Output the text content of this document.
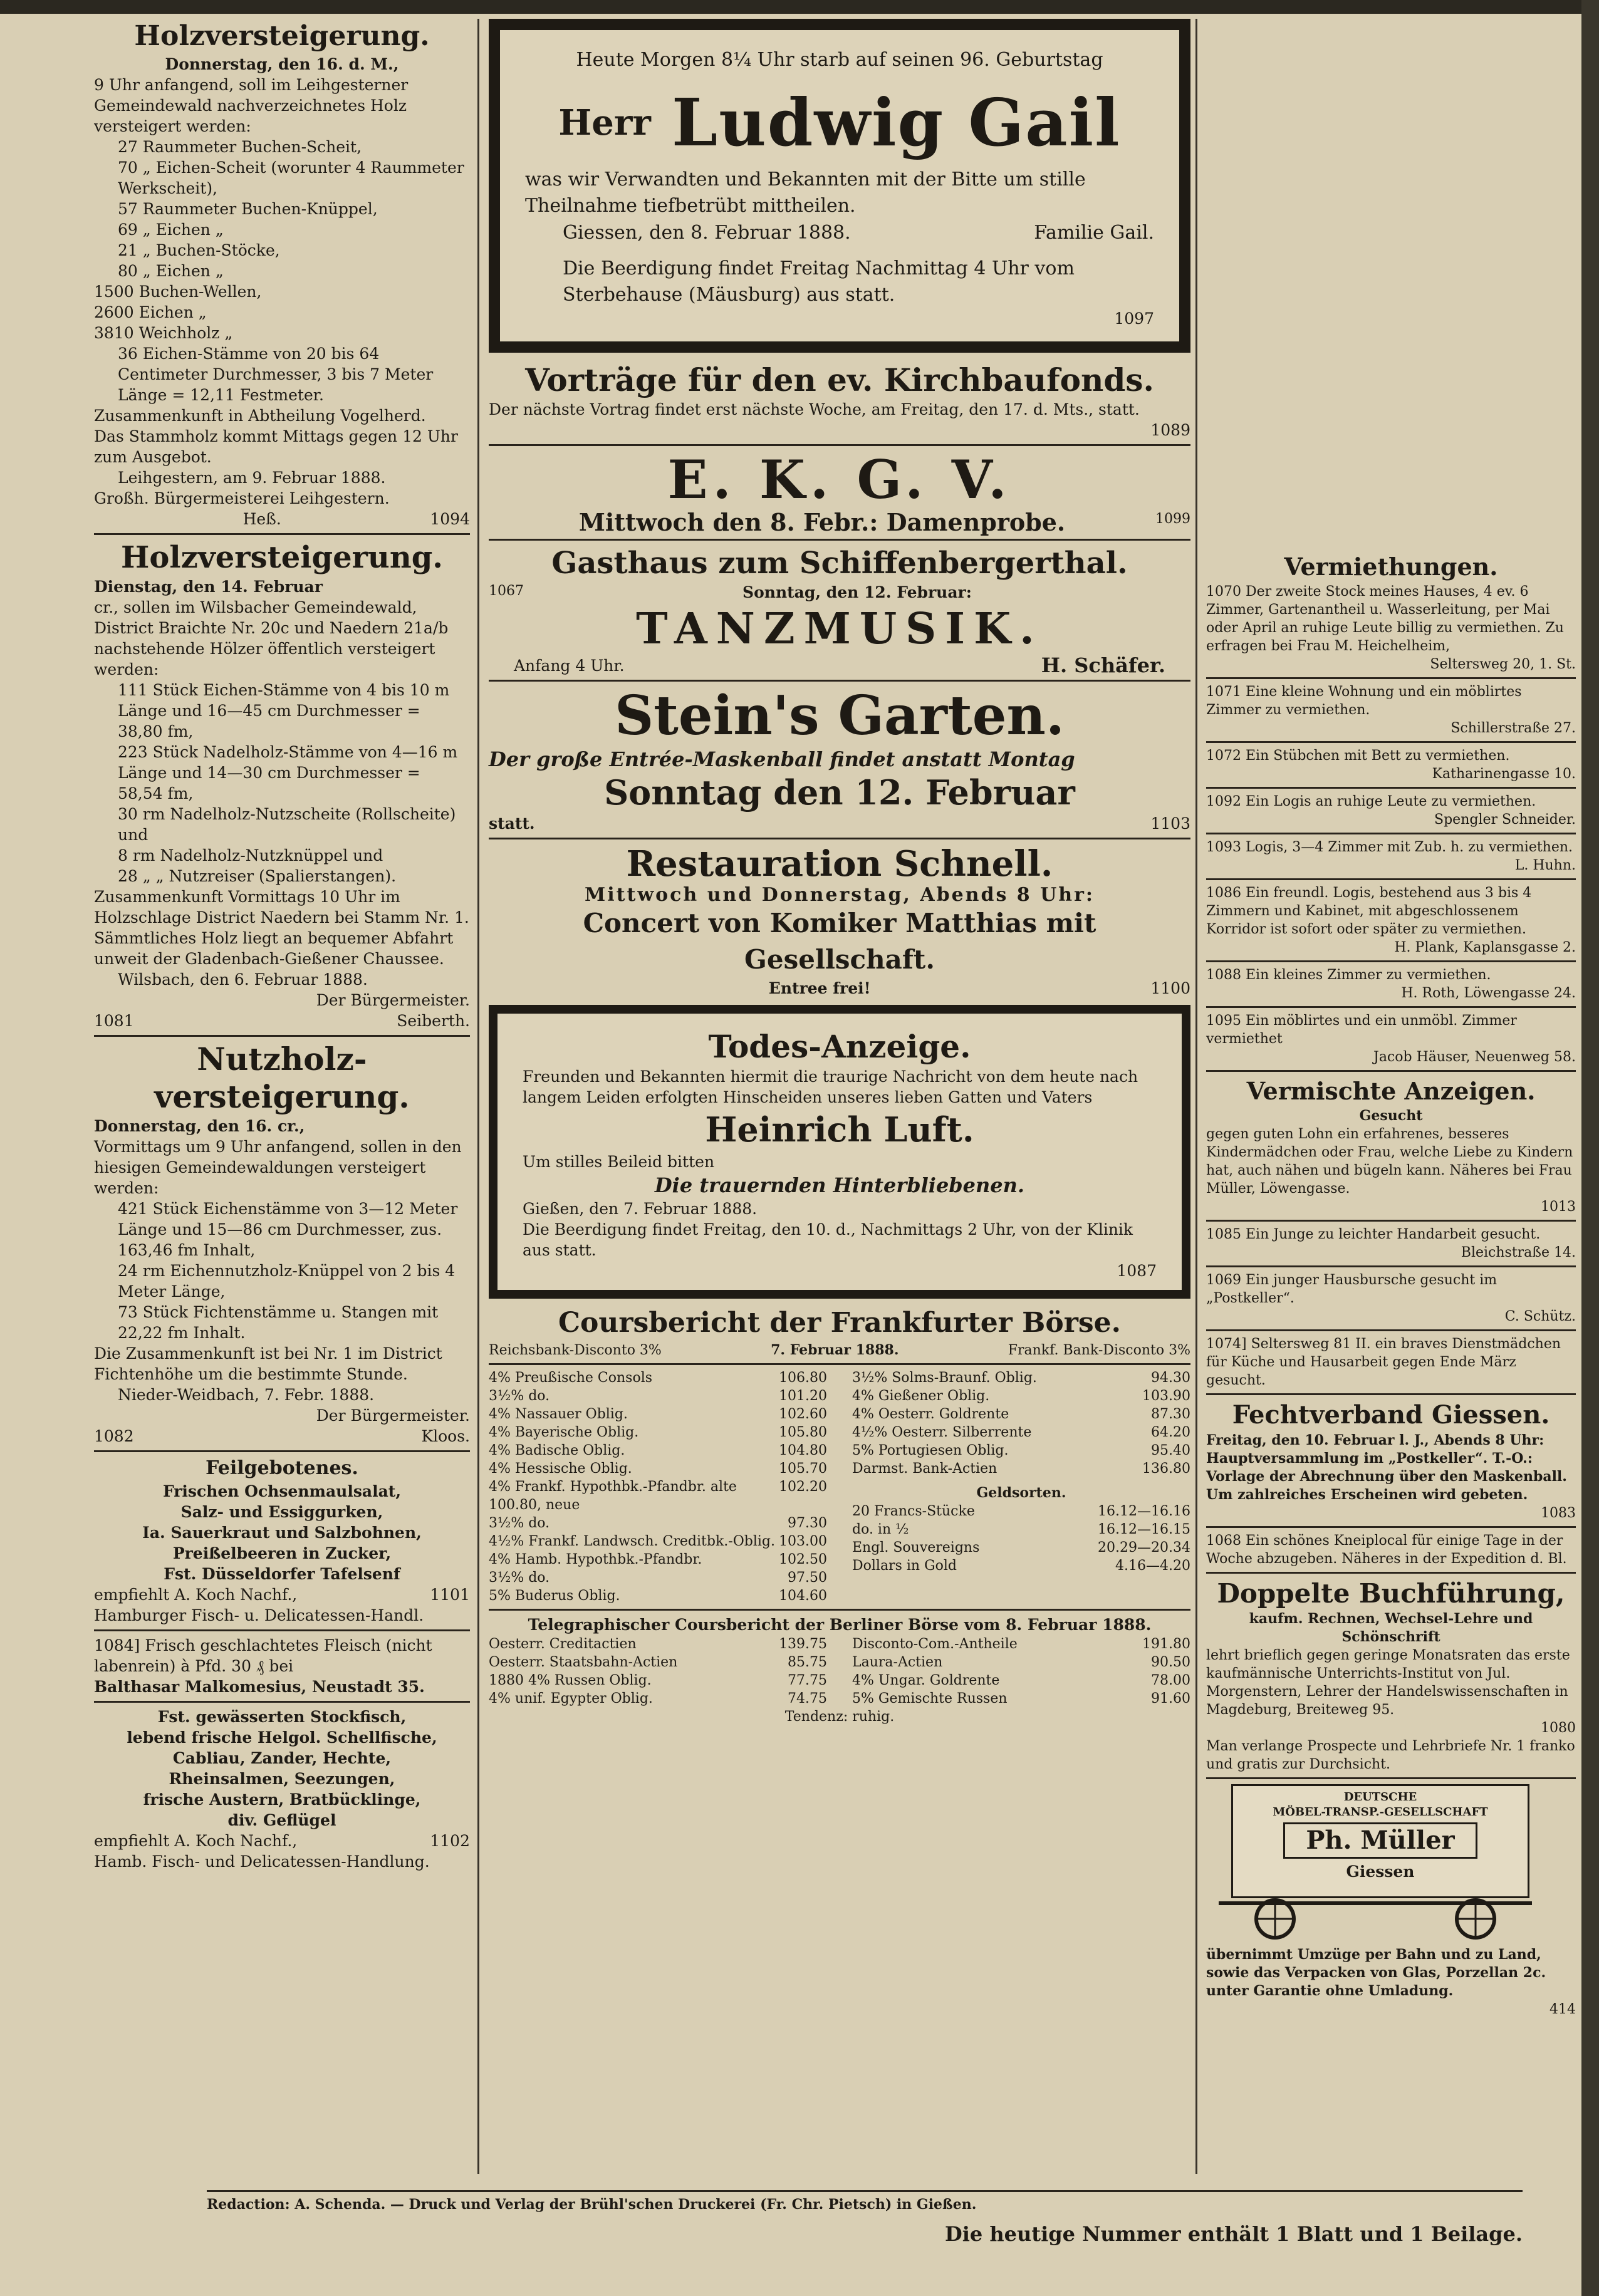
Holzversteigerung.
Donnerstag, den 16. d. M.,
9 Uhr anfangend, soll im Leihgesterner Gemeindewald nachverzeichnetes Holz versteigert werden:
27 Raummeter Buchen-Scheit,
70 „ Eichen-Scheit (worunter 4 Raummeter Werkscheit),
57 Raummeter Buchen-Knüppel,
69 „ Eichen „
21 „ Buchen-Stöcke,
80 „ Eichen „
1500 Buchen-Wellen,
2600 Eichen „
3810 Weichholz „
36 Eichen-Stämme von 20 bis 64 Centimeter Durchmesser, 3 bis 7 Meter Länge = 12,11 Festmeter.
Zusammenkunft in Abtheilung Vogelherd.
Das Stammholz kommt Mittags gegen 12 Uhr zum Ausgebot.
Leihgestern, am 9. Februar 1888.
Großh. Bürgermeisterei Leihgestern.
Heß.	1094
Holzversteigerung.
Dienstag, den 14. Februar
cr., sollen im Wilsbacher Gemeindewald, District Braichte Nr. 20c und Naedern 21a/b nachstehende Hölzer öffentlich versteigert werden:
111 Stück Eichen-Stämme von 4 bis 10 m Länge und 16—45 cm Durchmesser = 38,80 fm,
223 Stück Nadelholz-Stämme von 4—16 m Länge und 14—30 cm Durchmesser = 58,54 fm,
30 rm Nadelholz-Nutzscheite (Rollscheite) und
8 rm Nadelholz-Nutzknüppel und
28 „ „ Nutzreiser (Spalierstangen).
Zusammenkunft Vormittags 10 Uhr im Holzschlage District Naedern bei Stamm Nr. 1. Sämmtliches Holz liegt an bequemer Abfahrt unweit der Gladenbach-Gießener Chaussee.
Wilsbach, den 6. Februar 1888.
Der Bürgermeister.
1081	Seiberth.
Nutzholz-
versteigerung.
Donnerstag, den 16. cr.,
Vormittags um 9 Uhr anfangend, sollen in den hiesigen Gemeindewaldungen versteigert werden:
421 Stück Eichenstämme von 3—12 Meter Länge und 15—86 cm Durchmesser, zus. 163,46 fm Inhalt,
24 rm Eichennutzholz-Knüppel von 2 bis 4 Meter Länge,
73 Stück Fichtenstämme u. Stangen mit 22,22 fm Inhalt.
Die Zusammenkunft ist bei Nr. 1 im District Fichtenhöhe um die bestimmte Stunde.
Nieder-Weidbach, 7. Febr. 1888.
Der Bürgermeister.
1082	Kloos.
Feilgebotenes.
Frischen Ochsenmaulsalat,
Salz- und Essiggurken,
Ia. Sauerkraut und Salzbohnen,
Preißelbeeren in Zucker,
Fst. Düsseldorfer Tafelsenf
empfiehlt A. Koch Nachf.,	1101
Hamburger Fisch- u. Delicatessen-Handl.
1084] Frisch geschlachtetes Fleisch (nicht labenrein) à Pfd. 30 ₰ bei
Balthasar Malkomesius, Neustadt 35.
Fst. gewässerten Stockfisch,
lebend frische Helgol. Schellfische,
Cabliau, Zander, Hechte,
Rheinsalmen, Seezungen,
frische Austern, Bratbücklinge,
div. Geflügel
empfiehlt A. Koch Nachf.,	1102
Hamb. Fisch- und Delicatessen-Handlung.
Heute Morgen 8¼ Uhr starb auf seinen 96. Geburtstag
Herr Ludwig Gail
was wir Verwandten und Bekannten mit der Bitte um stille Theilnahme tiefbetrübt mittheilen.
Giessen, den 8. Februar 1888.	Familie Gail.
Die Beerdigung findet Freitag Nachmittag 4 Uhr vom Sterbehause (Mäusburg) aus statt.
1097
Vorträge für den ev. Kirchbaufonds.
Der nächste Vortrag findet erst nächste Woche, am Freitag, den 17. d. Mts., statt.
1089
E. K. G. V.
Mittwoch den 8. Febr.: Damenprobe.	1099
Gasthaus zum Schiffenbergerthal.
1067	Sonntag, den 12. Februar:
TANZMUSIK.
Anfang 4 Uhr.	H. Schäfer.
Stein's Garten.
Der große Entrée-Maskenball findet anstatt Montag
Sonntag den 12. Februar
statt.	1103
Restauration Schnell.
Mittwoch und Donnerstag, Abends 8 Uhr:
Concert von Komiker Matthias mit Gesellschaft.
Entree frei!	1100
Todes-Anzeige.
Freunden und Bekannten hiermit die traurige Nachricht von dem heute nach langem Leiden erfolgten Hinscheiden unseres lieben Gatten und Vaters
Heinrich Luft.
Um stilles Beileid bitten
Die trauernden Hinterbliebenen.
Gießen, den 7. Februar 1888.
Die Beerdigung findet Freitag, den 10. d., Nachmittags 2 Uhr, von der Klinik aus statt.
1087
Coursbericht der Frankfurter Börse.
Reichsbank-Disconto 3%	7. Februar 1888.	Frankf. Bank-Disconto 3%
4% Preußische Consols	106.80
3½% do.	101.20
4% Nassauer Oblig.	102.60
4% Bayerische Oblig.	105.80
4% Badische Oblig.	104.80
4% Hessische Oblig.	105.70
4% Frankf. Hypothbk.-Pfandbr. alte 100.80, neue
102.20
3½% do.	97.30
4½% Frankf. Landwsch. Creditbk.-Oblig. 103.00
4% Hamb. Hypothbk.-Pfandbr.	102.50
3½% do.	97.50
5% Buderus Oblig.	104.60
3½% Solms-Braunf. Oblig.	94.30
4% Gießener Oblig.	103.90
4% Oesterr. Goldrente	87.30
4½% Oesterr. Silberrente	64.20
5% Portugiesen Oblig.	95.40
Darmst. Bank-Actien	136.80
Geldsorten.
20 Francs-Stücke	16.12—16.16
do. in ½	16.12—16.15
Engl. Souvereigns	20.29—20.34
Dollars in Gold	4.16—4.20
Telegraphischer Coursbericht der Berliner Börse vom 8. Februar 1888.
Oesterr. Creditactien	139.75
Oesterr. Staatsbahn-Actien	85.75
1880 4% Russen Oblig.	77.75
4% unif. Egypter Oblig.	74.75
Disconto-Com.-Antheile	191.80
Laura-Actien	90.50
4% Ungar. Goldrente	78.00
5% Gemischte Russen	91.60
Tendenz: ruhig.
Vermiethungen.
1070 Der zweite Stock meines Hauses, 4 ev. 6 Zimmer, Gartenantheil u. Wasserleitung, per Mai oder April an ruhige Leute billig zu vermiethen. Zu erfragen bei Frau M. Heichelheim,
Seltersweg 20, 1. St.
1071 Eine kleine Wohnung und ein möblirtes Zimmer zu vermiethen.
Schillerstraße 27.
1072 Ein Stübchen mit Bett zu vermiethen.
Katharinengasse 10.
1092 Ein Logis an ruhige Leute zu vermiethen.
Spengler Schneider.
1093 Logis, 3—4 Zimmer mit Zub. h. zu vermiethen.
L. Huhn.
1086 Ein freundl. Logis, bestehend aus 3 bis 4 Zimmern und Kabinet, mit abgeschlossenem Korridor ist sofort oder später zu vermiethen.
H. Plank, Kaplansgasse 2.
1088 Ein kleines Zimmer zu vermiethen.
H. Roth, Löwengasse 24.
1095 Ein möblirtes und ein unmöbl. Zimmer vermiethet
Jacob Häuser, Neuenweg 58.
Vermischte Anzeigen.
Gesucht
gegen guten Lohn ein erfahrenes, besseres Kindermädchen oder Frau, welche Liebe zu Kindern hat, auch nähen und bügeln kann. Näheres bei Frau Müller, Löwengasse.
1013
1085 Ein Junge zu leichter Handarbeit gesucht.
Bleichstraße 14.
1069 Ein junger Hausbursche gesucht im „Postkeller“.
C. Schütz.
1074] Seltersweg 81 II. ein braves Dienstmädchen für Küche und Hausarbeit gegen Ende März gesucht.
Fechtverband Giessen.
Freitag, den 10. Februar l. J., Abends 8 Uhr: Hauptversammlung im „Postkeller“. T.-O.: Vorlage der Abrechnung über den Maskenball. Um zahlreiches Erscheinen wird gebeten.
1083
1068 Ein schönes Kneiplocal für einige Tage in der Woche abzugeben. Näheres in der Expedition d. Bl.
Doppelte Buchführung,
kaufm. Rechnen, Wechsel-Lehre und Schönschrift
lehrt brieflich gegen geringe Monatsraten das erste kaufmännische Unterrichts-Institut von Jul. Morgenstern, Lehrer der Handelswissenschaften in Magdeburg, Breiteweg 95.
1080
Man verlange Prospecte und Lehrbriefe Nr. 1 franko und gratis zur Durchsicht.
DEUTSCHE
MÖBEL-TRANSP.-GESELLSCHAFT
Ph. Müller
Giessen
übernimmt Umzüge per Bahn und zu Land, sowie das Verpacken von Glas, Porzellan 2c. unter Garantie ohne Umladung.
414
Redaction: A. Schenda. — Druck und Verlag der Brühl'schen Druckerei (Fr. Chr. Pietsch) in Gießen.
Die heutige Nummer enthält 1 Blatt und 1 Beilage.
